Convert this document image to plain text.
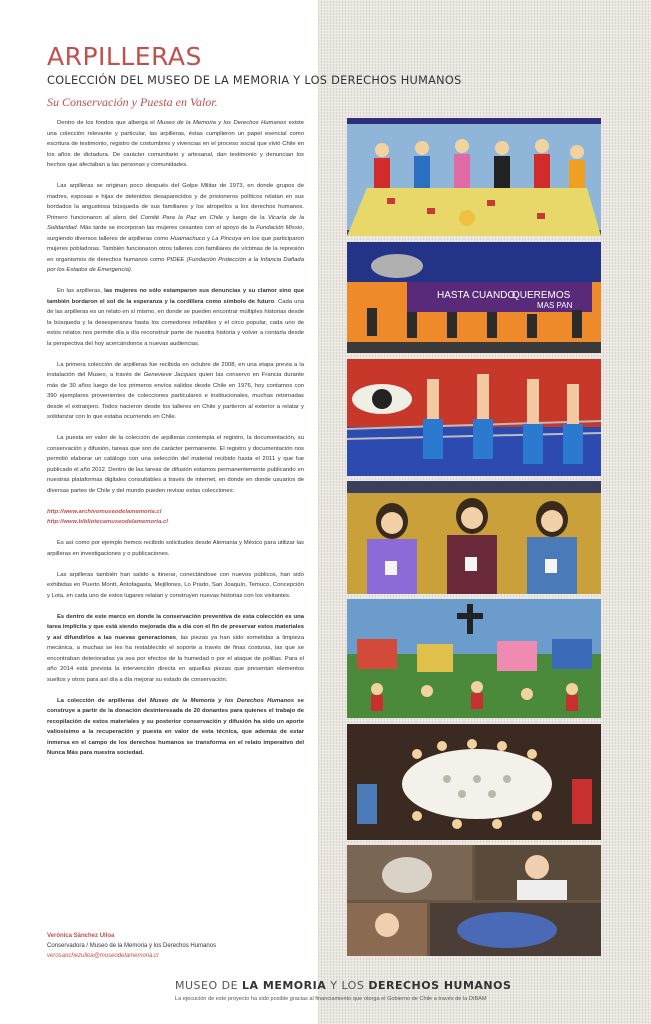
ARPILLERAS
COLECCIÓN DEL MUSEO DE LA MEMORIA Y LOS DERECHOS HUMANOS
Su Conservación y Puesta en Valor.

Dentro de los fondos que alberga el Museo de la Memoria y los Derechos Humanos existe una colección relevante y particular, las arpilleras, éstas cumplieron un papel esencial como escritura de testimonio, registro de costumbres y vivencias en el proceso social que vivió Chile en los años de dictadura. De carácter comunitario y artesanal, dan testimonio y denuncian los hechos que afectaban a las personas y comunidades.

Las arpilleras se originan poco después del Golpe Militar de 1973, en donde grupos de madres, esposas e hijas de detenidos desaparecidos y de prisioneros políticos relatan en sus bordados la angustiosa búsqueda de sus familiares y los atropellos a los derechos humanos. Primero funcionaron al alero del Comité Para la Paz en Chile y luego de la Vicaría de la Solidaridad. Más tarde se incorporan las mujeres cesantes con el apoyo de la Fundación Missio, surgiendo diversos talleres de arpilleras como Huamachuco y La Pincoya en los que participaron mujeres pobladoras. También funcionaron otros talleres con familiares de víctimas de la represión en organismos de derechos humanos como PIDEE (Fundación Protección a la Infancia Dañada por los Estados de Emergencia).

En las arpilleras, las mujeres no sólo estamparon sus denuncias y su clamor sino que también bordaron el sol de la esperanza y la cordillera como símbolo de futuro. Cada una de las arpilleras es un relato en sí mismo, en donde se pueden encontrar múltiples historias desde la búsqueda y la desesperanza hasta los comedores infantiles y el circo popular, cada uno de estos relatos nos permite día a día reconstruir parte de nuestra historia y volver a contarla desde la perspectiva del hoy acercándonos a nuevas audiencias.

La primera colección de arpilleras fue recibida en octubre de 2008, en una etapa previa a la instalación del Museo, a través de Genevieve Jacques quien las conservo en Francia durante más de 30 años luego de los primeros envíos salidos desde Chile en 1976, hoy contamos con 390 ejemplares provenientes de colecciones particulares e institucionales, muchas retornadas desde el extranjero. Todos nacieron desde los talleres en Chile y partieron al exterior a relatar y solidarizar con lo que estaba ocurriendo en Chile.

La puesta en valor de la colección de arpilleras contempla el registro, la documentación, su conservación y difusión, tareas que son de carácter permanente. El registro y documentación nos permitió elaborar un catálogo con una selección del material recibido hasta el 2011 y que fue publicado el año 2012. Dentro de las tareas de difusión estamos permanentemente publicando en nuestras plataformas digitales consultables a través de internet, en donde en donde usuarios de diversas partes de Chile y del mundo pueden revisar estas colecciones:

http://www.archivomuseodelamemoria.cl

http://www.bibliotecamuseodelamemoria.cl

Es así como por ejemplo hemos recibido solicitudes desde Alemania y México para utilizar las arpilleras en investigaciones y o publicaciones.

Las arpilleras también han salido a itinerar, conectándose con nuevos públicos, han sido exhibidas en Puerto Montt, Antofagasta, Mejillones, Lo Prado, San Joaquín, Temuco, Concepción y Lota, en cada uno de estos lugares relatan y construyen nuevas historias con los visitantes.

Es dentro de este marco en donde la conservación preventiva de esta colección es una tarea implícita y que está siendo mejorada día a día con el fin de preservar estos materiales y así difundirlos a las nuevas generaciones, las piezas ya han sido sometidas a limpieza mecánica, a muchas se les ha restablecido el soporte a través de finas costuras, las que se encontraban deterioradas ya sea por efectos de la humedad o por el ataque de polillas. Para el año 2014 está prevista la intervención directa en aquellas piezas que presentan elementos sueltos y otros para así día a día mejorar su estado de conservación.

La colección de arpilleras del Museo de la Memoria y los Derechos Humanos se construye a partir de la donación desinteresada de 20 donantes para quienes el trabajo de recopilación de estos materiales y su posterior conservación y difusión ha sido un aporte valiosísimo a la recuperación y puesta en valor de esta técnica, que además de estar inmersa en el campo de los derechos humanos se transforma en el relato imperativo del Nunca Más para nuestra sociedad.

Verónica Sánchez Ulloa
Conservadora / Museo de la Memoria y los Derechos Humanos
verosanchezulloa@museodelamemoria.cl
HASTA CUANDO
QUEREMOS
MAS PAN
MUSEO DE LA MEMORIA Y LOS DERECHOS HUMANOS
La ejecución de este proyecto ha sido posible gracias al financiamiento que otorga el Gobierno de Chile a través de la DIBAM
